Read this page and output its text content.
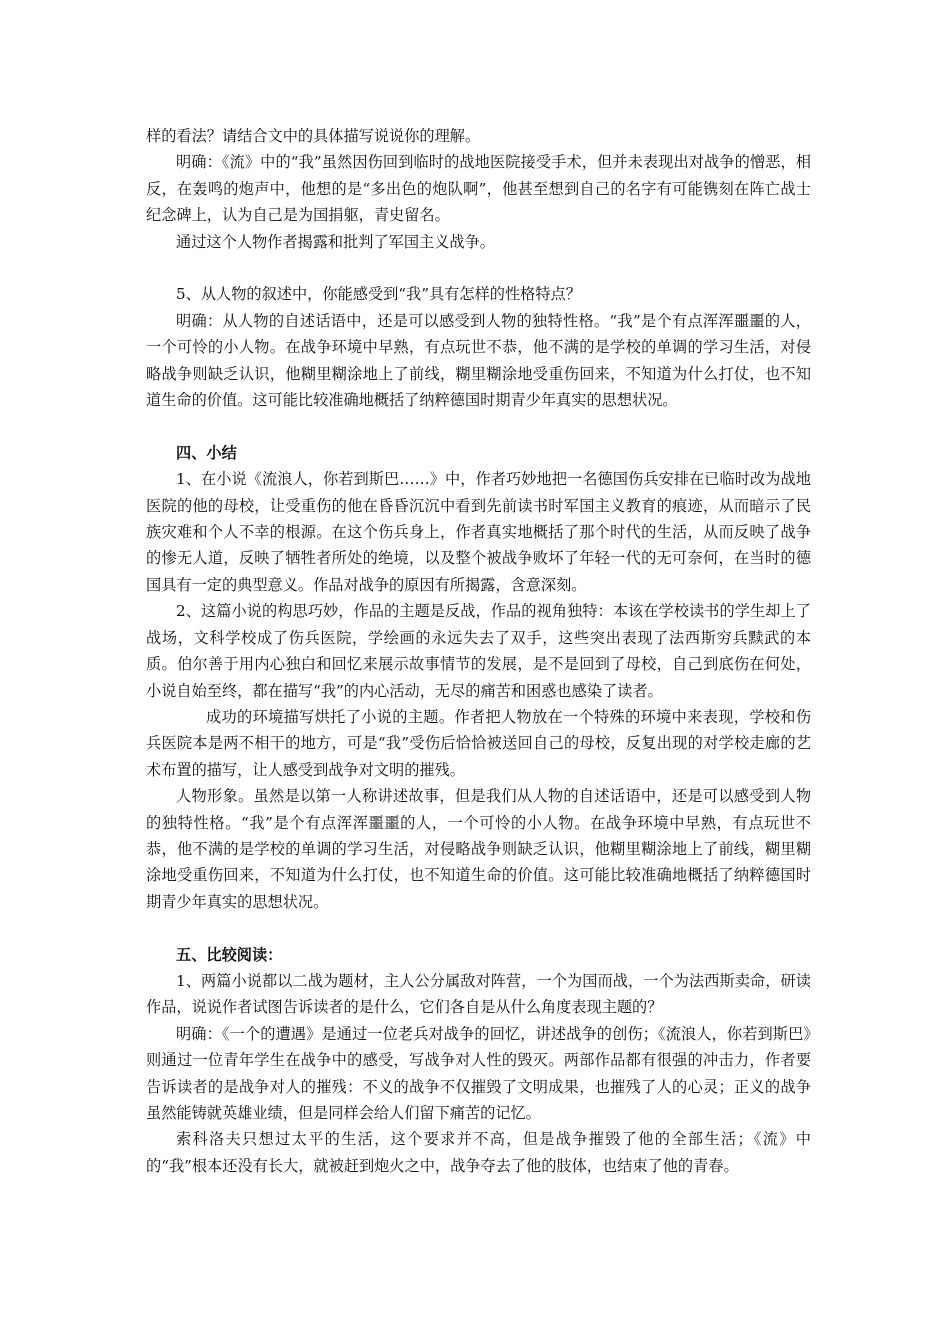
样的看法？请结合文中的具体描写说说你的理解。

明确：《流》中的“我”虽然因伤回到临时的战地医院接受手术，但并未表现出对战争的憎恶，相反，在轰鸣的炮声中，他想的是“多出色的炮队啊”，他甚至想到自己的名字有可能镌刻在阵亡战士纪念碑上，认为自己是为国捐躯，青史留名。

通过这个人物作者揭露和批判了军国主义战争。

5、从人物的叙述中，你能感受到“我”具有怎样的性格特点？

明确：从人物的自述话语中，还是可以感受到人物的独特性格。“我”是个有点浑浑噩噩的人，一个可怜的小人物。在战争环境中早熟，有点玩世不恭，他不满的是学校的单调的学习生活，对侵略战争则缺乏认识，他糊里糊涂地上了前线，糊里糊涂地受重伤回来，不知道为什么打仗，也不知道生命的价值。这可能比较准确地概括了纳粹德国时期青少年真实的思想状况。

四、小结

1、在小说《流浪人，你若到斯巴……》中，作者巧妙地把一名德国伤兵安排在已临时改为战地医院的他的母校，让受重伤的他在昏昏沉沉中看到先前读书时军国主义教育的痕迹，从而暗示了民族灾难和个人不幸的根源。在这个伤兵身上，作者真实地概括了那个时代的生活，从而反映了战争的惨无人道，反映了牺牲者所处的绝境，以及整个被战争败坏了年轻一代的无可奈何，在当时的德国具有一定的典型意义。作品对战争的原因有所揭露，含意深刻。

2、这篇小说的构思巧妙，作品的主题是反战，作品的视角独特：本该在学校读书的学生却上了战场，文科学校成了伤兵医院，学绘画的永远失去了双手，这些突出表现了法西斯穷兵黩武的本质。伯尔善于用内心独白和回忆来展示故事情节的发展，是不是回到了母校，自己到底伤在何处，小说自始至终，都在描写“我”的内心活动，无尽的痛苦和困惑也感染了读者。

成功的环境描写烘托了小说的主题。作者把人物放在一个特殊的环境中来表现，学校和伤兵医院本是两不相干的地方，可是“我”受伤后恰恰被送回自己的母校，反复出现的对学校走廊的艺术布置的描写，让人感受到战争对文明的摧残。

人物形象。虽然是以第一人称讲述故事，但是我们从人物的自述话语中，还是可以感受到人物的独特性格。“我”是个有点浑浑噩噩的人，一个可怜的小人物。在战争环境中早熟，有点玩世不恭，他不满的是学校的单调的学习生活，对侵略战争则缺乏认识，他糊里糊涂地上了前线，糊里糊涂地受重伤回来，不知道为什么打仗，也不知道生命的价值。这可能比较准确地概括了纳粹德国时期青少年真实的思想状况。

五、比较阅读：

1、两篇小说都以二战为题材，主人公分属敌对阵营，一个为国而战，一个为法西斯卖命，研读作品，说说作者试图告诉读者的是什么，它们各自是从什么角度表现主题的？

明确：《一个的遭遇》是通过一位老兵对战争的回忆，讲述战争的创伤；《流浪人，你若到斯巴》则通过一位青年学生在战争中的感受，写战争对人性的毁灭。两部作品都有很强的冲击力，作者要告诉读者的是战争对人的摧残：不义的战争不仅摧毁了文明成果，也摧残了人的心灵；正义的战争虽然能铸就英雄业绩，但是同样会给人们留下痛苦的记忆。

索科洛夫只想过太平的生活，这个要求并不高，但是战争摧毁了他的全部生活；《流》中的“我”根本还没有长大，就被赶到炮火之中，战争夺去了他的肢体，也结束了他的青春。
